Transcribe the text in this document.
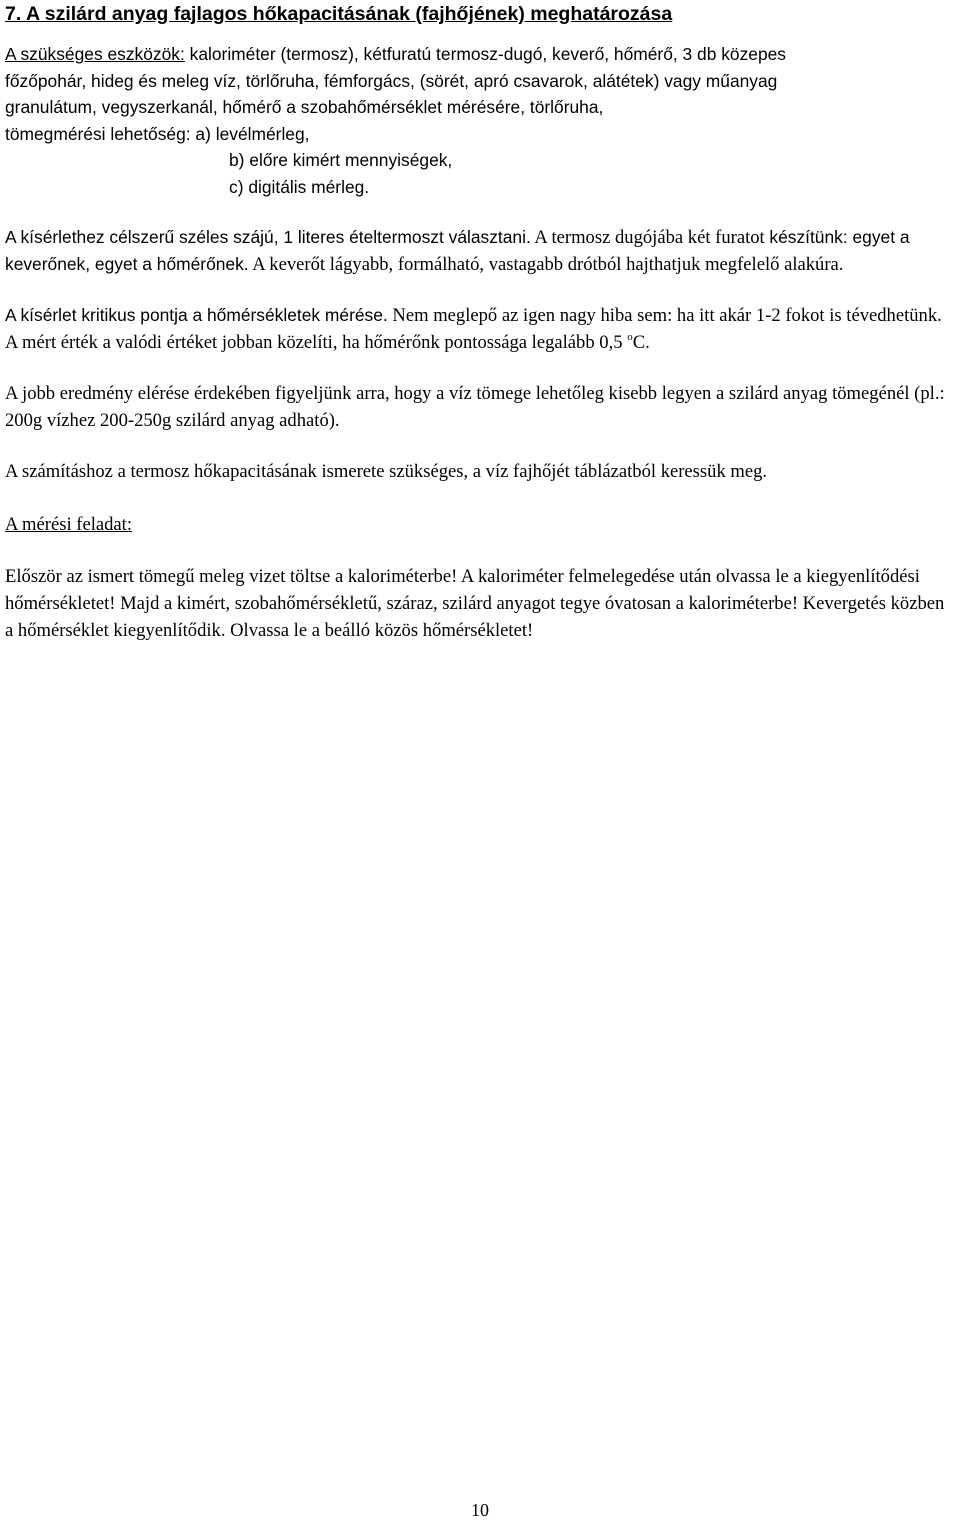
7. A szilárd anyag fajlagos hőkapacitásának (fajhőjének) meghatározása
A szükséges eszközök: kaloriméter (termosz), kétfuratú termosz-dugó, keverő, hőmérő, 3 db közepes
főzőpohár, hideg és meleg víz, törlőruha, fémforgács, (sörét, apró csavarok, alátétek) vagy műanyag
granulátum, vegyszerkanál, hőmérő a szobahőmérséklet mérésére, törlőruha,
tömegmérési lehetőség: a) levélmérleg,
b) előre kimért mennyiségek,
c) digitális mérleg.

A kísérlethez célszerű széles szájú, 1 literes ételtermoszt választani. A termosz dugójába két furatot készítünk: egyet a keverőnek, egyet a hőmérőnek. A keverőt lágyabb, formálható, vastagabb drótból hajthatjuk megfelelő alakúra.

A kísérlet kritikus pontja a hőmérsékletek mérése. Nem meglepő az igen nagy hiba sem: ha itt akár 1-2 fokot is tévedhetünk. A mért érték a valódi értéket jobban közelíti, ha hőmérőnk pontossága legalább 0,5 $^o$C.

A jobb eredmény elérése érdekében figyeljünk arra, hogy a víz tömege lehetőleg kisebb legyen a szilárd anyag tömegénél (pl.: 200g vízhez 200-250g szilárd anyag adható).

A számításhoz a termosz hőkapacitásának ismerete szükséges, a víz fajhőjét táblázatból keressük meg.

A mérési feladat:

Először az ismert tömegű meleg vizet töltse a kaloriméterbe! A kaloriméter felmelegedése után olvassa le a kiegyenlítődési hőmérsékletet! Majd a kimért, szobahőmérsékletű, száraz, szilárd anyagot tegye óvatosan a kaloriméterbe! Kevergetés közben a hőmérséklet kiegyenlítődik. Olvassa le a beálló közös hőmérsékletet!

10
